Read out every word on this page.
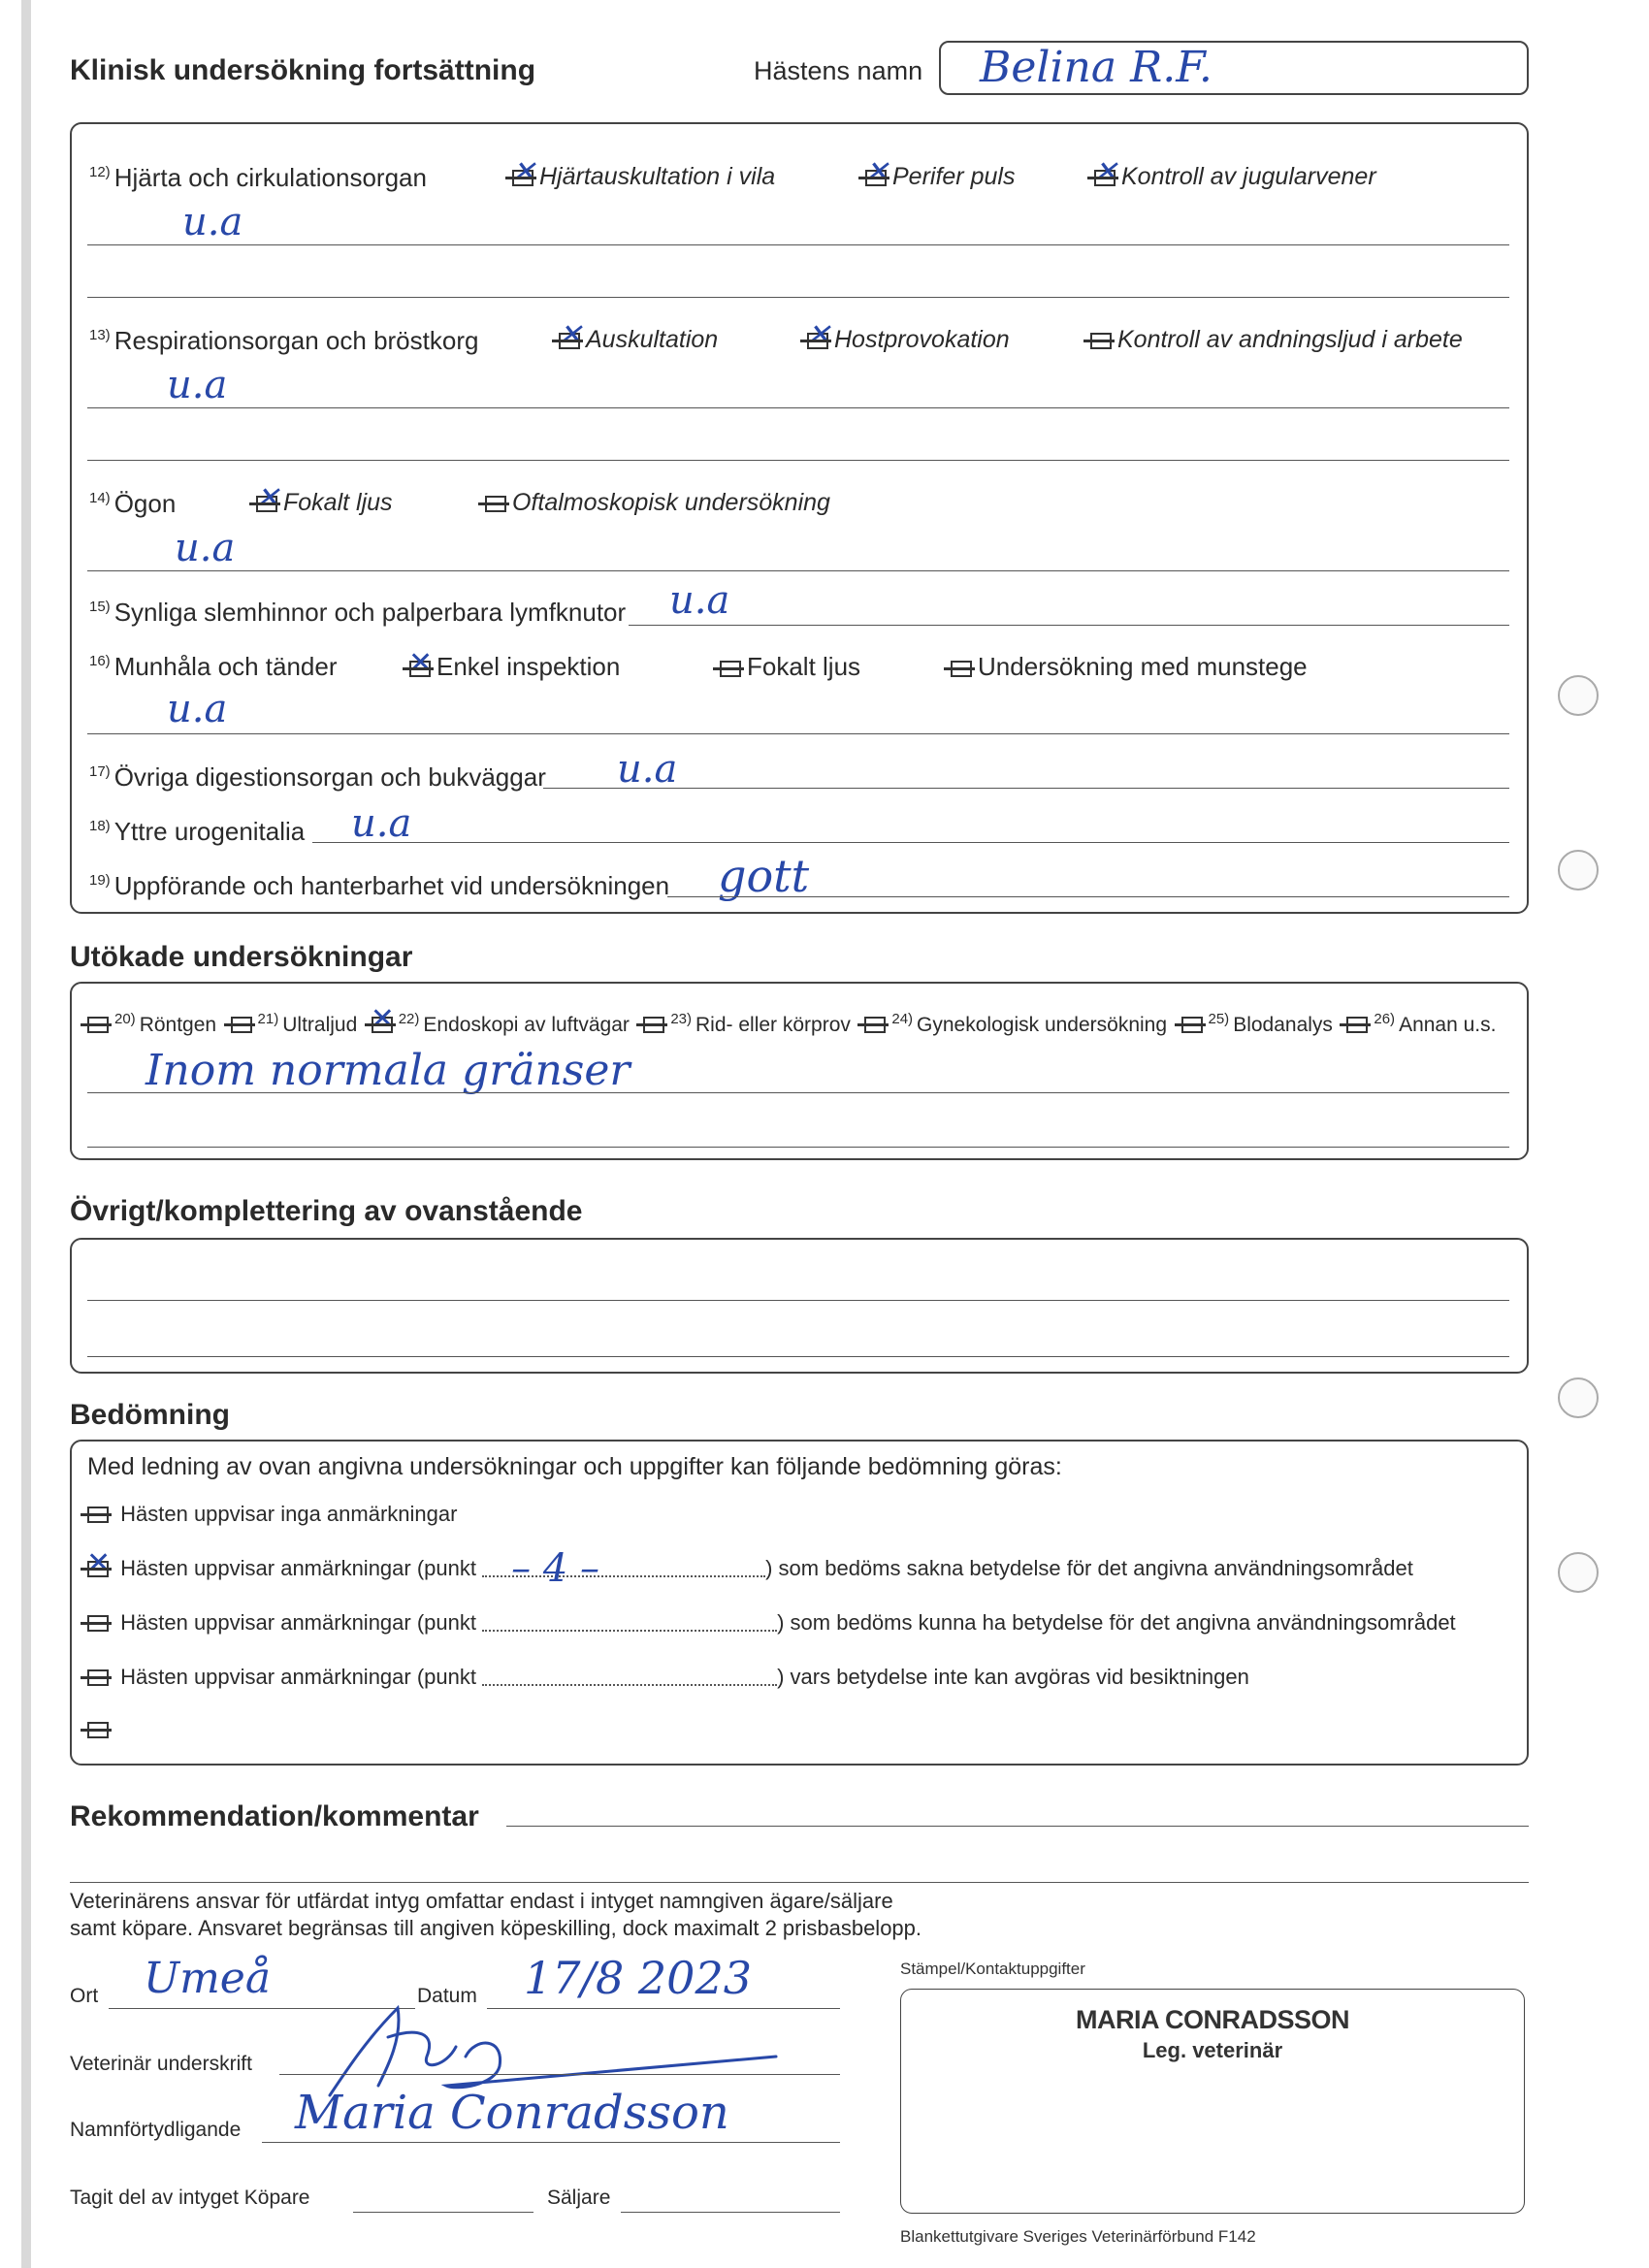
Klinisk undersökning fortsättning	Hästens namn Belina R.F.
$^{12)}$ Hjärta och cirkulationsorgan ✕	Hjärtauskultation i vila ✕	Perifer puls ✕	Kontroll av jugularvener
u.a
$^{13)}$ Respirationsorgan och bröstkorg ✕	Auskultation ✕	Hostprovokation	Kontroll av andningsljud i arbete
u.a
$^{14)}$ Ögon ✕	Fokalt ljus	Oftalmoskopisk undersökning
u.a
$^{15)}$ Synliga slemhinnor och palperbara lymfknutor u.a
$^{16)}$ Munhåla och tänder ✕	Enkel inspektion	Fokalt ljus	Undersökning med munstege
u.a
$^{17)}$ Övriga digestionsorgan och bukväggar u.a
$^{18)}$ Yttre urogenitalia u.a
$^{19)}$ Uppförande och hanterbarhet vid undersökningen gott
Utökade undersökningar
$^{20)}$ Röntgen	$^{21)}$ Ultraljud ✕	$^{22)}$ Endoskopi av luftvägar	$^{23)}$ Rid- eller körprov	$^{24)}$ Gynekologisk undersökning	$^{25)}$ Blodanalys	$^{26)}$ Annan u.s.
Inom normala gränser
Övrigt/komplettering av ovanstående
Bedömning
Med ledning av ovan angivna undersökningar och uppgifter kan följande bedömning göras:
Hästen uppvisar inga anmärkningar
✕ Hästen uppvisar anmärkningar (punkt – 4 –	) som bedöms sakna betydelse för det angivna användningsområdet
Hästen uppvisar anmärkningar (punkt	) som bedöms kunna ha betydelse för det angivna användningsområdet
Hästen uppvisar anmärkningar (punkt	) vars betydelse inte kan avgöras vid besiktningen
Rekommendation/kommentar
Veterinärens ansvar för utfärdat intyg omfattar endast i intyget namngiven ägare/säljare
samt köpare. Ansvaret begränsas till angiven köpeskilling, dock maximalt 2 prisbasbelopp.
Ort Umeå	Datum 17/8 2023
Veterinär underskrift
Namnförtydligande Maria Conradsson
Tagit del av intyget Köpare	Säljare
Stämpel/Kontaktuppgifter
MARIA CONRADSSON
Leg. veterinär
Blankettutgivare Sveriges Veterinärförbund F142
